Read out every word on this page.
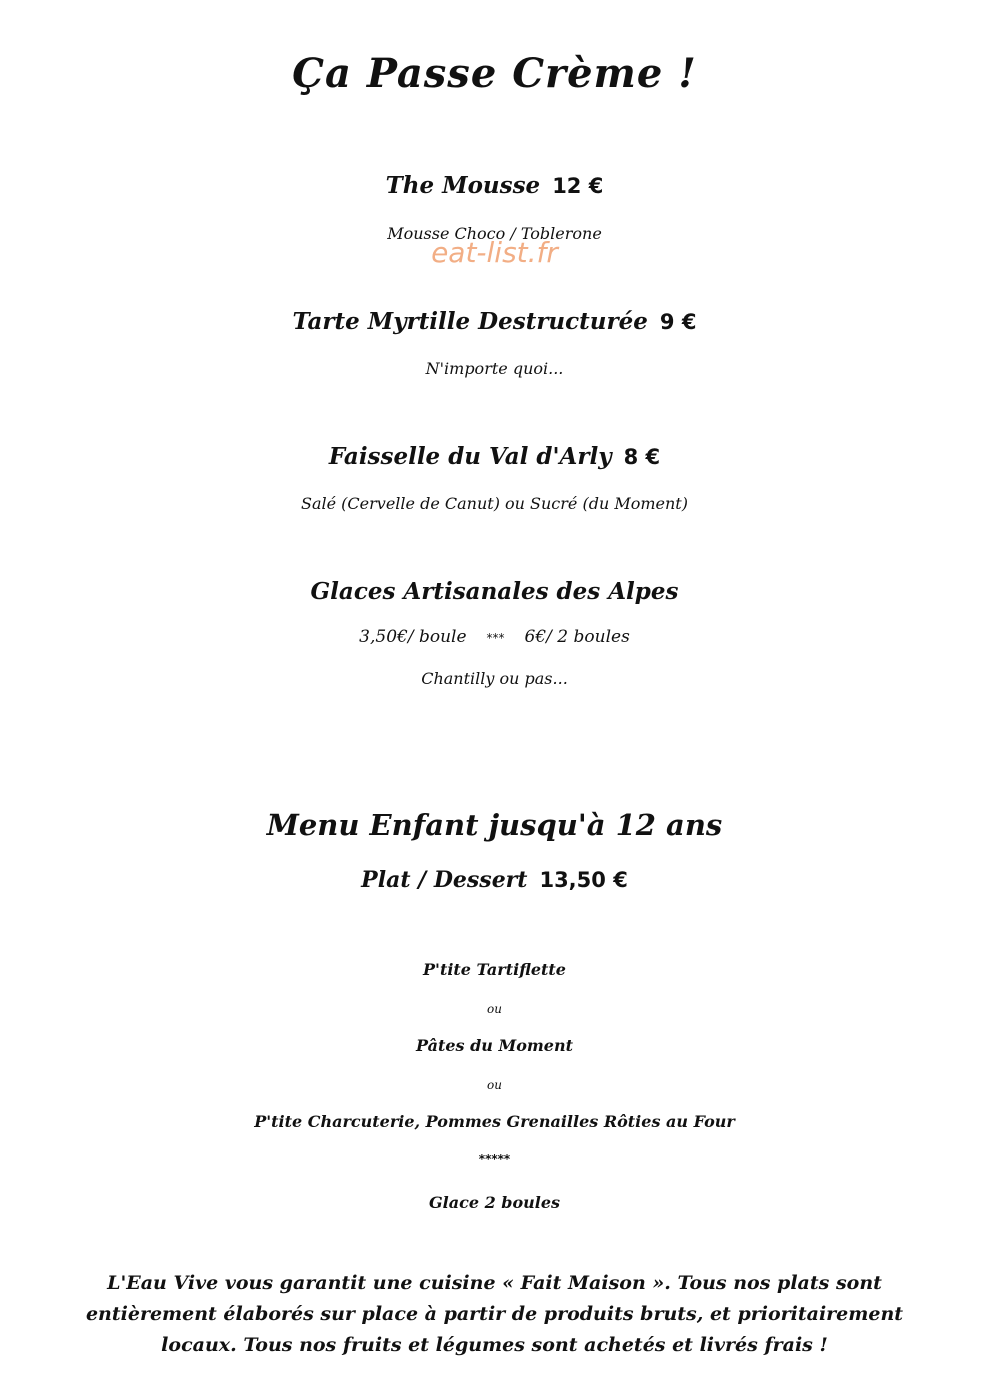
Ça Passe Crème !
The Mousse 12 €
Mousse Choco / Toblerone
eat-list.fr
Tarte Myrtille Destructurée 9 €
N'importe quoi...
Faisselle du Val d'Arly 8 €
Salé (Cervelle de Canut) ou Sucré (du Moment)
Glaces Artisanales des Alpes
3,50€/ boule *** 6€/ 2 boules
Chantilly ou pas...
Menu Enfant jusqu'à 12 ans
Plat / Dessert 13,50 €
P'tite Tartiflette
ou
Pâtes du Moment
ou
P'tite Charcuterie, Pommes Grenailles Rôties au Four
*****
Glace 2 boules
L'Eau Vive vous garantit une cuisine « Fait Maison ». Tous nos plats sont
entièrement élaborés sur place à partir de produits bruts, et prioritairement
locaux. Tous nos fruits et légumes sont achetés et livrés frais !
